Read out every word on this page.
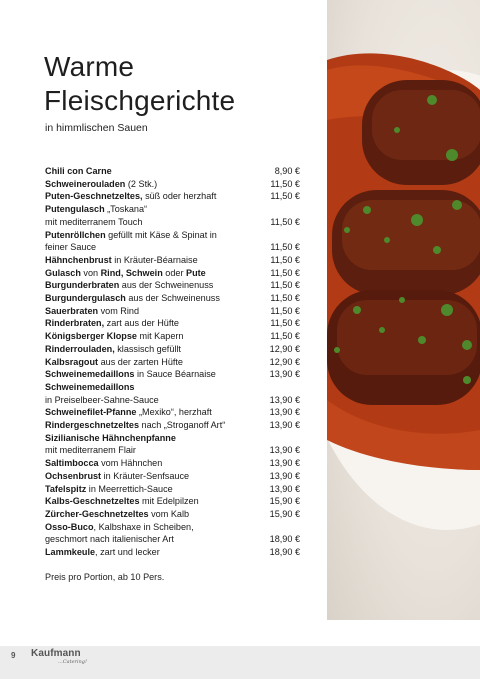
Warme Fleischgerichte
in himmlischen Sauen
Chili con Carne	8,90 €
Schweinerouladen (2 Stk.)	11,50 €
Puten-Geschnetzeltes, süß oder herzhaft	11,50 €
Putengulasch „Toskana“
mit mediterranem Touch	11,50 €
Putenröllchen gefüllt mit Käse & Spinat in
feiner Sauce	11,50 €
Hähnchenbrust in Kräuter-Béarnaise	11,50 €
Gulasch von Rind, Schwein oder Pute	11,50 €
Burgunderbraten aus der Schweinenuss	11,50 €
Burgundergulasch aus der Schweinenuss	11,50 €
Sauerbraten vom Rind	11,50 €
Rinderbraten, zart aus der Hüfte	11,50 €
Königsberger Klopse mit Kapern	11,50 €
Rinderrouladen, klassisch gefüllt	12,90 €
Kalbsragout aus der zarten Hüfte	12,90 €
Schweinemedaillons in Sauce Béarnaise	13,90 €
Schweinemedaillons
in Preiselbeer-Sahne-Sauce	13,90 €
Schweinefilet-Pfanne „Mexiko“, herzhaft	13,90 €
Rindergeschnetzeltes nach „Stroganoff Art“	13,90 €
Sizilianische Hähnchenpfanne
mit mediterranem Flair	13,90 €
Saltimbocca vom Hähnchen	13,90 €
Ochsenbrust in Kräuter-Senfsauce	13,90 €
Tafelspitz in Meerrettich-Sauce	13,90 €
Kalbs-Geschnetzeltes mit Edelpilzen	15,90 €
Zürcher-Geschnetzeltes vom Kalb	15,90 €
Osso-Buco, Kalbshaxe in Scheiben,
geschmort nach italienischer Art	18,90 €
Lammkeule, zart und lecker	18,90 €
Preis pro Portion, ab 10 Pers.
9 Kaufmann
...Catering!
